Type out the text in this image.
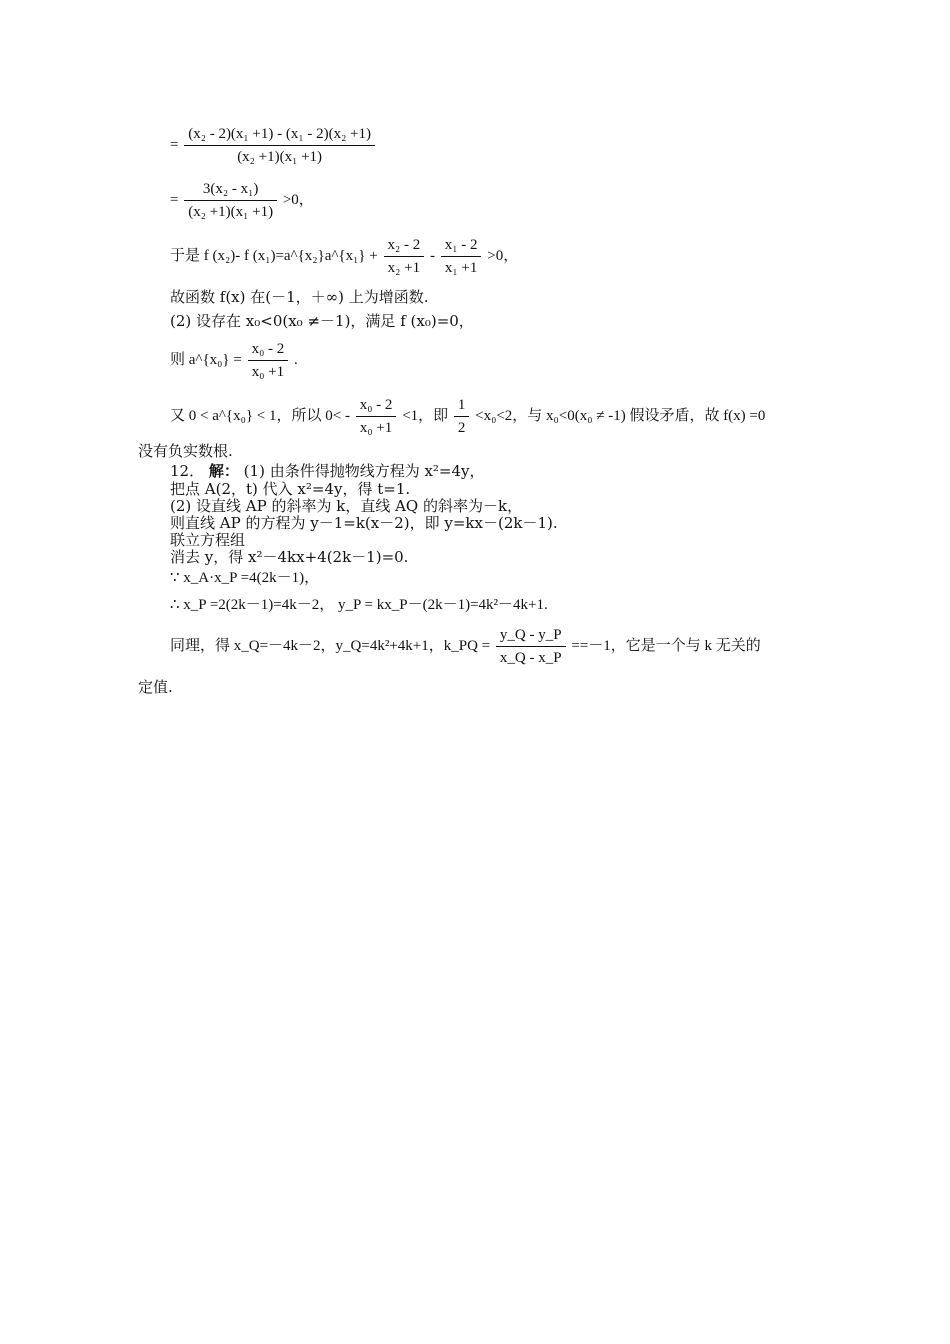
= $\frac{\text{(x₂ - 2)(x₁ +1) - (x₁ - 2)(x₂ +1)}}{\text{(x₂ +1)(x₁ +1)}}$
= $\frac{\text{3(x₂ - x₁)}}{\text{(x₂ +1)(x₁ +1)}} >0$，
于是 f (x₂)- f (x₁)=a^{x₂}a^{x₁} + $\frac{\text{x₂ - 2}}{\text{x₂ +1}} - \frac{\text{x₁ - 2}}{\text{x₁ +1}} >0$，
故函数 f(x) 在(－1，＋∞) 上为增函数.
(2) 设存在 x₀<0(x₀ ≠－1)，满足 f (x₀)=0，
则 a^{x₀} = $\frac{\text{x₀ - 2}}{\text{x₀ +1}}$ .
又 0 < a^{x₀} < 1，所以 $0< - \frac{\text{x₀ - 2}}{\text{x₀ +1}} <1$，即 $\frac{1}{2} <x_0<2$，与 x₀<0(x₀ ≠ -1) 假设矛盾，故 f(x) =0
没有负实数根.
12． 解： (1) 由条件得抛物线方程为 x²=4y，
把点 A(2，t) 代入 x²=4y，得 t=1.
(2) 设直线 AP 的斜率为 k，直线 AQ 的斜率为－k，
则直线 AP 的方程为 y－1=k(x－2)，即 y=kx－(2k－1).
联立方程组
消去 y，得 x²－4kx+4(2k－1)=0.
∵ x_A·x_P =4(2k－1)，
∴ x_P =2(2k－1)=4k－2， y_P = kx_P－(2k－1)=4k²－4k+1.
同理，得 x_Q=－4k－2，y_Q=4k²+4k+1，k_PQ = $\frac{y\_Q - y\_P}{x\_Q - x\_P} ==-1$，它是一个与 k 无关的
定值.
